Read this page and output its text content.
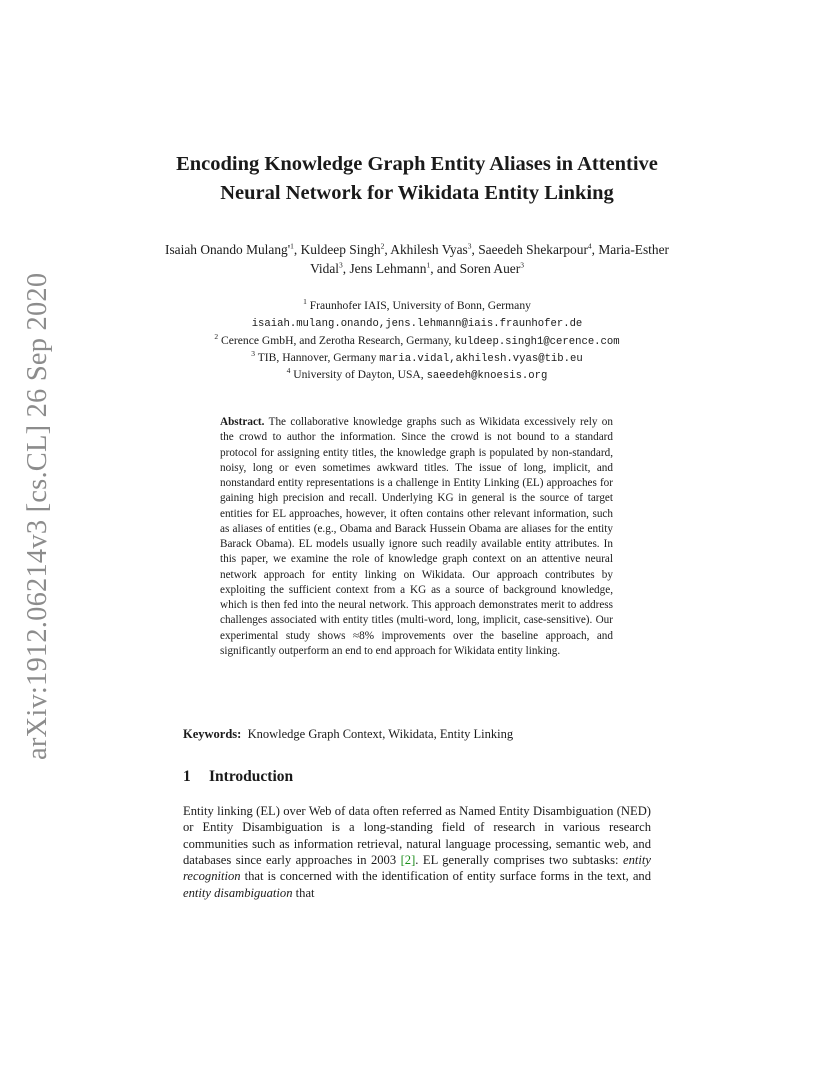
arXiv:1912.06214v3 [cs.CL] 26 Sep 2020
Encoding Knowledge Graph Entity Aliases in Attentive Neural Network for Wikidata Entity Linking
Isaiah Onando $Mulang'^1$, Kuldeep Singh$^2$, Akhilesh Vyas$^3$, Saeedeh Shekarpour$^4$, Maria-Esther Vidal$^3$, Jens Lehmann$^1$, and Soren Auer$^3$
$^1$ Fraunhofer IAIS, University of Bonn, Germany
isaiah.mulang.onando,jens.lehmann@iais.fraunhofer.de
$^2$ Cerence GmbH, and Zerotha Research, Germany, kuldeep.singh1@cerence.com
$^3$ TIB, Hannover, Germany maria.vidal,akhilesh.vyas@tib.eu
$^4$ University of Dayton, USA, saeedeh@knoesis.org
Abstract. The collaborative knowledge graphs such as Wikidata excessively rely on the crowd to author the information. Since the crowd is not bound to a standard protocol for assigning entity titles, the knowledge graph is populated by non-standard, noisy, long or even sometimes awkward titles. The issue of long, implicit, and nonstandard entity representations is a challenge in Entity Linking (EL) approaches for gaining high precision and recall. Underlying KG in general is the source of target entities for EL approaches, however, it often contains other relevant information, such as aliases of entities (e.g., Obama and Barack Hussein Obama are aliases for the entity Barack Obama). EL models usually ignore such readily available entity attributes. In this paper, we examine the role of knowledge graph context on an attentive neural network approach for entity linking on Wikidata. Our approach contributes by exploiting the sufficient context from a KG as a source of background knowledge, which is then fed into the neural network. This approach demonstrates merit to address challenges associated with entity titles (multi-word, long, implicit, case-sensitive). Our experimental study shows ≈8% improvements over the baseline approach, and significantly outperform an end to end approach for Wikidata entity linking.
Keywords: Knowledge Graph Context, Wikidata, Entity Linking
1 Introduction

Entity linking (EL) over Web of data often referred as Named Entity Disambiguation (NED) or Entity Disambiguation is a long-standing field of research in various research communities such as information retrieval, natural language processing, semantic web, and databases since early approaches in 2003 [2]. EL generally comprises two subtasks: entity recognition that is concerned with the identification of entity surface forms in the text, and entity disambiguation that
